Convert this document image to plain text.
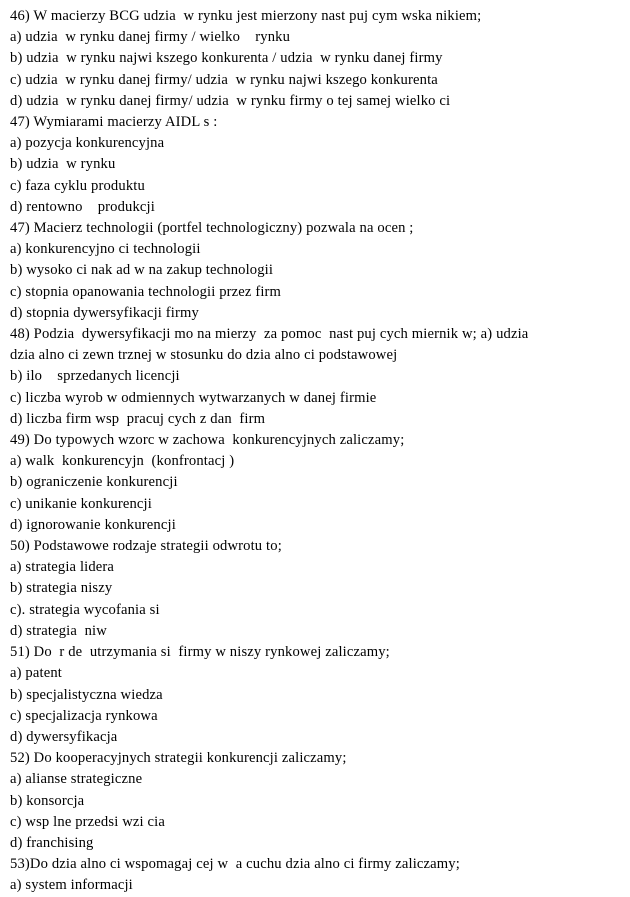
46) W macierzy BCG udzia  w rynku jest mierzony nast puj cym wska nikiem;
a) udzia  w rynku danej firmy / wielko    rynku
b) udzia  w rynku najwi kszego konkurenta / udzia  w rynku danej firmy
c) udzia  w rynku danej firmy/ udzia  w rynku najwi kszego konkurenta
d) udzia  w rynku danej firmy/ udzia  w rynku firmy o tej samej wielko ci
47) Wymiarami macierzy AIDL s :
a) pozycja konkurencyjna
b) udzia  w rynku
c) faza cyklu produktu
d) rentowno    produkcji
47) Macierz technologii (portfel technologiczny) pozwala na ocen ;
a) konkurencyjno ci technologii
b) wysoko ci nak ad w na zakup technologii
c) stopnia opanowania technologii przez firm
d) stopnia dywersyfikacji firmy
48) Podzia  dywersyfikacji mo na mierzy  za pomoc  nast puj cych miernik w; a) udzia
dzia alno ci zewn trznej w stosunku do dzia alno ci podstawowej
b) ilo    sprzedanych licencji
c) liczba wyrob w odmiennych wytwarzanych w danej firmie
d) liczba firm wsp  pracuj cych z dan  firm
49) Do typowych wzorc w zachowa  konkurencyjnych zaliczamy;
a) walk  konkurencyjn  (konfrontacj )
b) ograniczenie konkurencji
c) unikanie konkurencji
d) ignorowanie konkurencji
50) Podstawowe rodzaje strategii odwrotu to;
a) strategia lidera
b) strategia niszy
c). strategia wycofania si
d) strategia  niw
51) Do  r de  utrzymania si  firmy w niszy rynkowej zaliczamy;
a) patent
b) specjalistyczna wiedza
c) specjalizacja rynkowa
d) dywersyfikacja
52) Do kooperacyjnych strategii konkurencji zaliczamy;
a) alianse strategiczne
b) konsorcja
c) wsp lne przedsi wzi cia
d) franchising
53)Do dzia alno ci wspomagaj cej w  a cuchu dzia alno ci firmy zaliczamy;
a) system informacji
